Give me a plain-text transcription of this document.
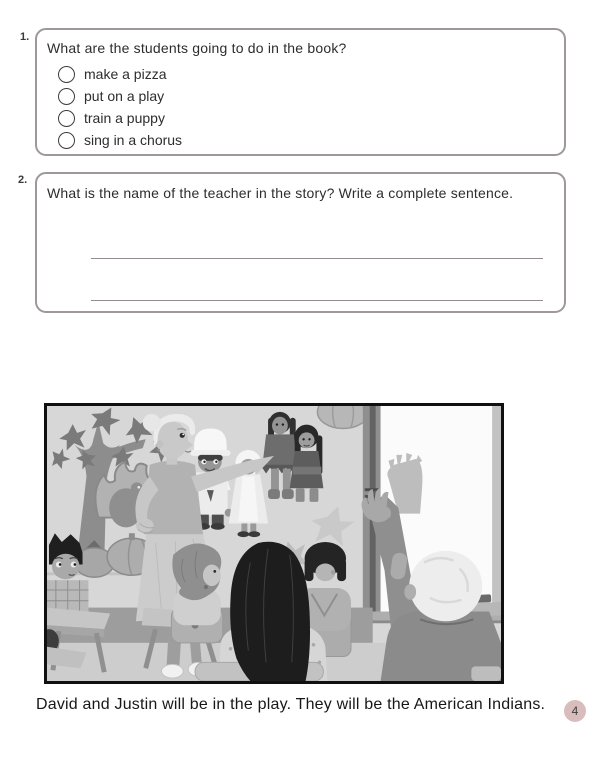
1.
What are the students going to do in the book?
make a pizza
put on a play
train a puppy
sing in a chorus
2.
What is the name of the teacher in the story? Write a complete sentence.
David and Justin will be in the play. They will be the American Indians.	4
